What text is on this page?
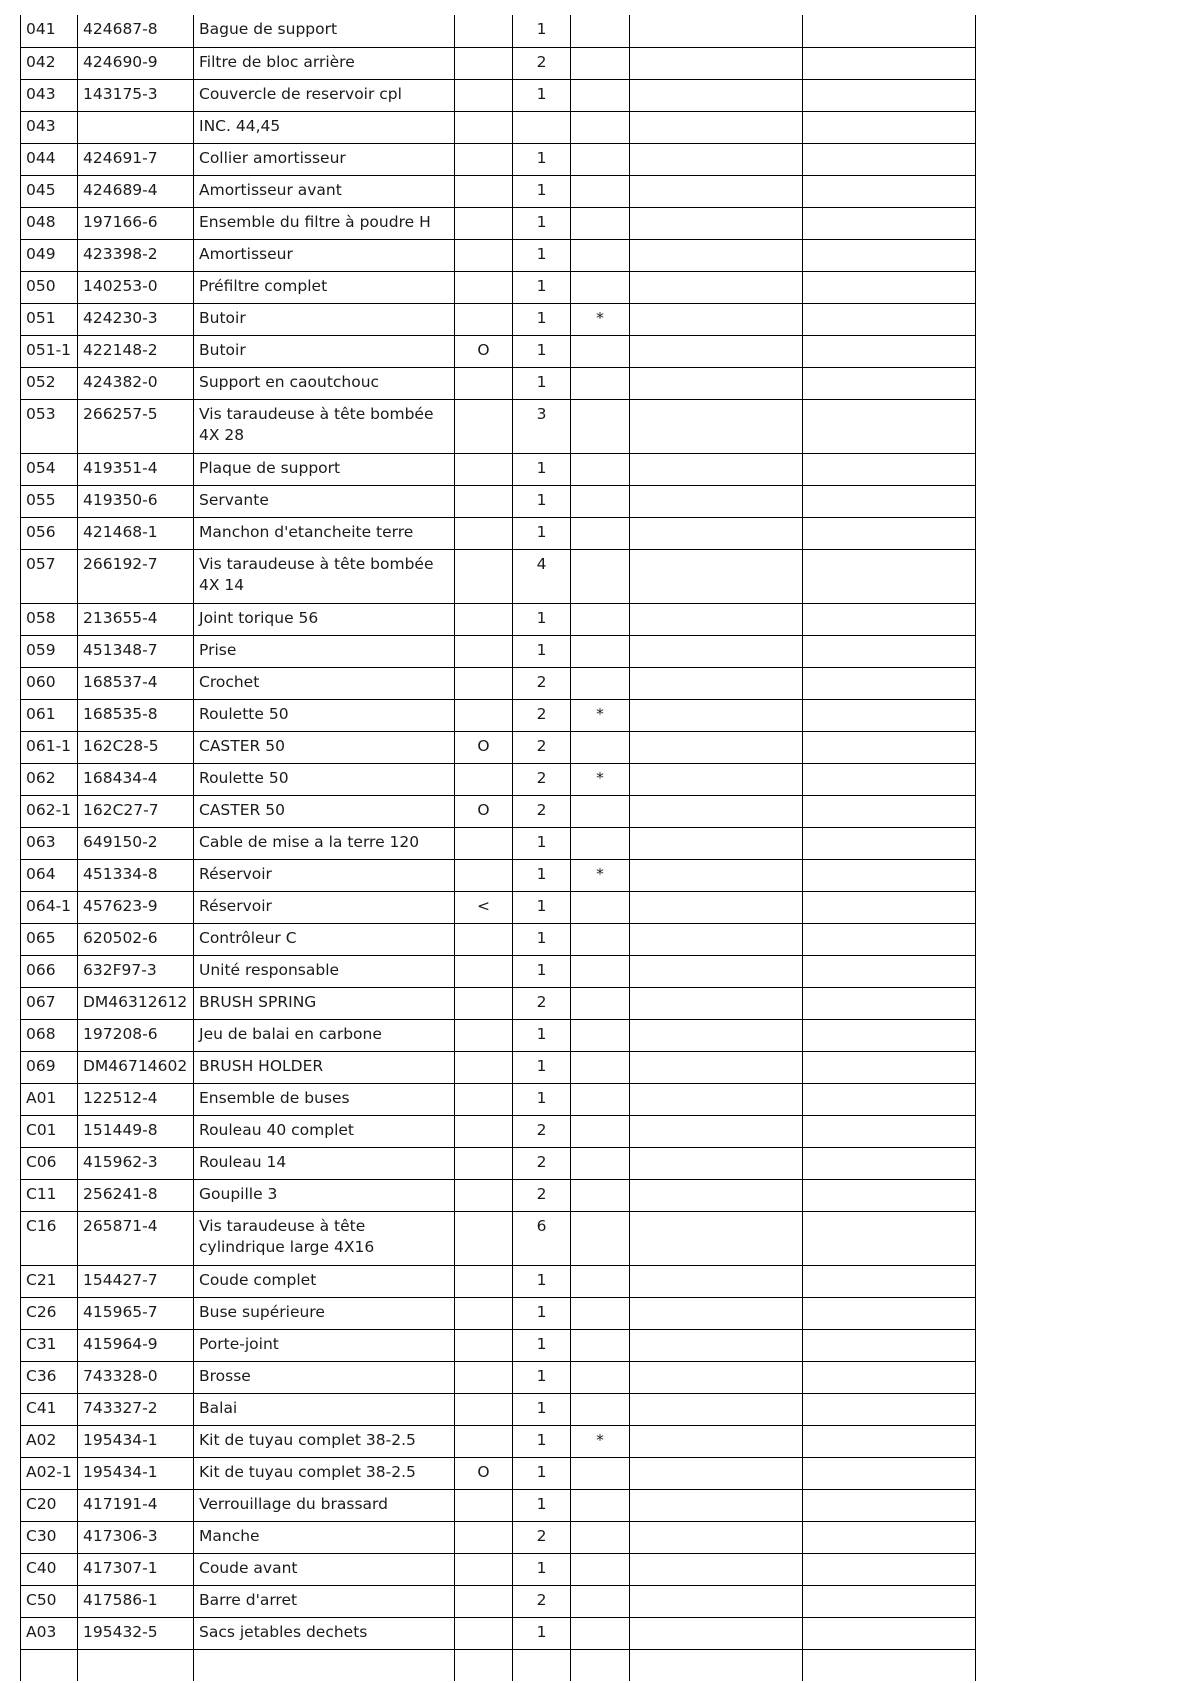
041	424687-8	Bague de support		1			
042	424690-9	Filtre de bloc arrière		2			
043	143175-3	Couvercle de reservoir cpl		1			
043		INC. 44,45					
044	424691-7	Collier amortisseur		1			
045	424689-4	Amortisseur avant		1			
048	197166-6	Ensemble du filtre à poudre H		1			
049	423398-2	Amortisseur		1			
050	140253-0	Préfiltre complet		1			
051	424230-3	Butoir		1	*		
051-1	422148-2	Butoir	O	1			
052	424382-0	Support en caoutchouc		1			
053	266257-5	Vis taraudeuse à tête bombée 4X 28		3			
054	419351-4	Plaque de support		1			
055	419350-6	Servante		1			
056	421468-1	Manchon d'etancheite terre		1			
057	266192-7	Vis taraudeuse à tête bombée 4X 14		4			
058	213655-4	Joint torique 56		1			
059	451348-7	Prise		1			
060	168537-4	Crochet		2			
061	168535-8	Roulette 50		2	*		
061-1	162C28-5	CASTER 50	O	2			
062	168434-4	Roulette 50		2	*		
062-1	162C27-7	CASTER 50	O	2			
063	649150-2	Cable de mise a la terre 120		1			
064	451334-8	Réservoir		1	*		
064-1	457623-9	Réservoir	<	1			
065	620502-6	Contrôleur C		1			
066	632F97-3	Unité responsable		1			
067	DM46312612	BRUSH SPRING		2			
068	197208-6	Jeu de balai en carbone		1			
069	DM46714602	BRUSH HOLDER		1			
A01	122512-4	Ensemble de buses		1			
C01	151449-8	Rouleau 40 complet		2			
C06	415962-3	Rouleau 14		2			
C11	256241-8	Goupille 3		2			
C16	265871-4	Vis taraudeuse à tête cylindrique large 4X16		6			
C21	154427-7	Coude complet		1			
C26	415965-7	Buse supérieure		1			
C31	415964-9	Porte-joint		1			
C36	743328-0	Brosse		1			
C41	743327-2	Balai		1			
A02	195434-1	Kit de tuyau complet 38-2.5		1	*		
A02-1	195434-1	Kit de tuyau complet 38-2.5	O	1			
C20	417191-4	Verrouillage du brassard		1			
C30	417306-3	Manche		2			
C40	417307-1	Coude avant		1			
C50	417586-1	Barre d'arret		2			
A03	195432-5	Sacs jetables dechets		1			
